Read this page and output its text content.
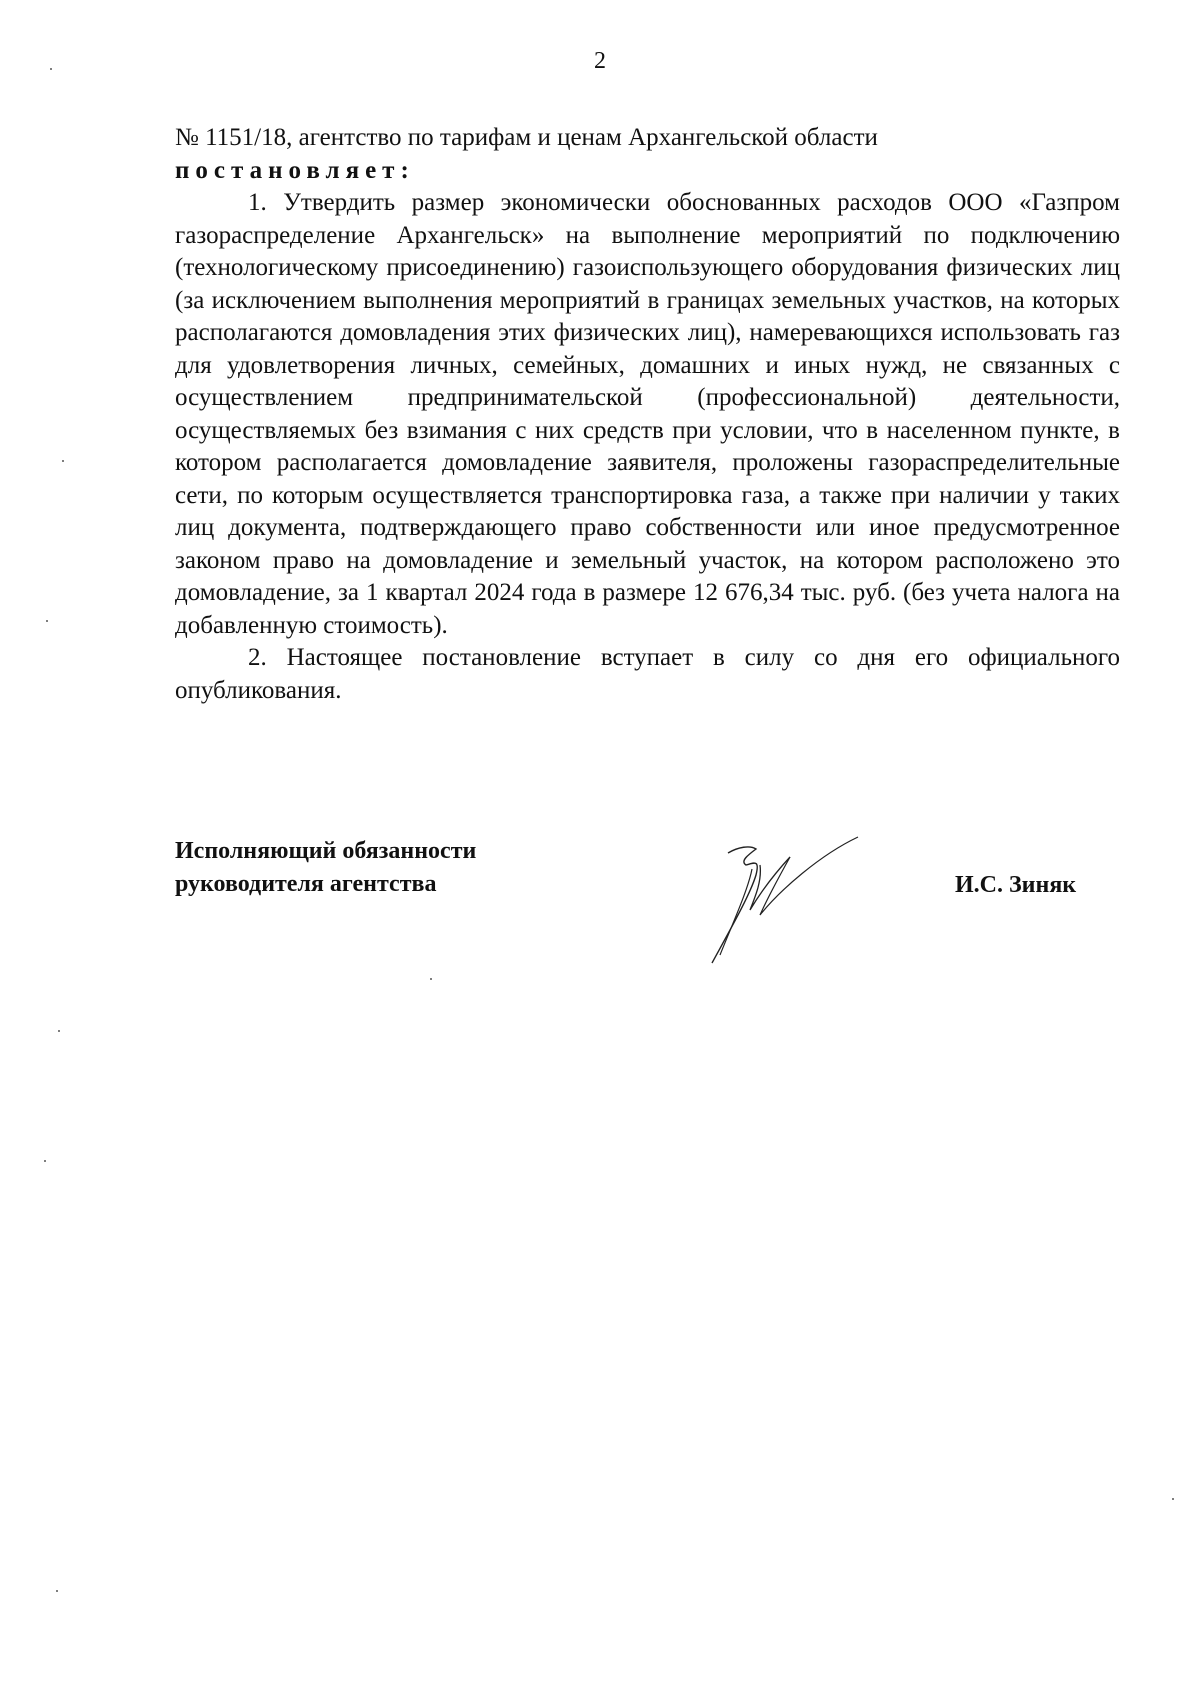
2

№ 1151/18, агентство по тарифам и ценам Архангельской области

постановляет:

1. Утвердить размер экономически обоснованных расходов ООО «Газпром газораспределение Архангельск» на выполнение мероприятий по подключению (технологическому присоединению) газоиспользующего оборудования физических лиц (за исключением выполнения мероприятий в границах земельных участков, на которых располагаются домовладения этих физических лиц), намеревающихся использовать газ для удовлетворения личных, семейных, домашних и иных нужд, не связанных с осуществлением предпринимательской (профессиональной) деятельности, осуществляемых без взимания с них средств при условии, что в населенном пункте, в котором располагается домовладение заявителя, проложены газораспределительные сети, по которым осуществляется транспортировка газа, а также при наличии у таких лиц документа, подтверждающего право собственности или иное предусмотренное законом право на домовладение и земельный участок, на котором расположено это домовладение, за 1 квартал 2024 года в размере 12 676,34 тыс. руб. (без учета налога на добавленную стоимость).

2. Настоящее постановление вступает в силу со дня его официального опубликования.

Исполняющий обязанности
руководителя агентства	И.С. Зиняк
